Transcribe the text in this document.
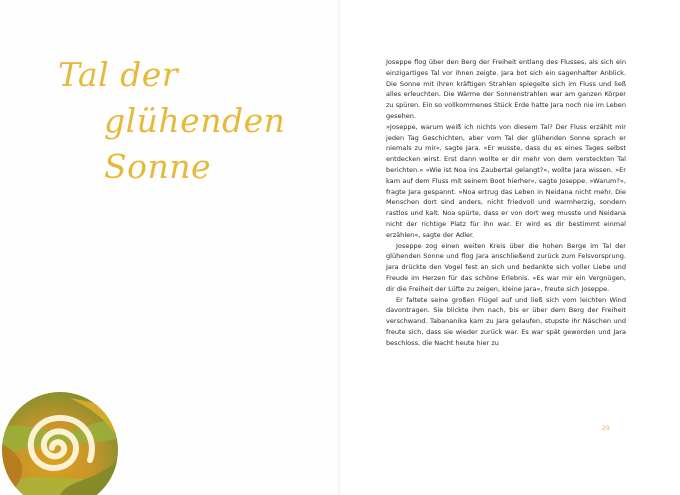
Tal der
glühenden Sonne

Joseppe flog über den Berg der Freiheit entlang des Flusses, als sich ein einzigartiges Tal vor ihnen zeigte. Jara bot sich ein sagenhafter Anblick. Die Sonne mit ihren kräftigen Strahlen spiegelte sich im Fluss und ließ alles erleuchten. Die Wärme der Sonnenstrahlen war am ganzen Körper zu spüren. Ein so vollkommenes Stück Erde hatte Jara noch nie im Leben gesehen.

»Joseppe, warum weiß ich nichts von diesem Tal? Der Fluss erzählt mir jeden Tag Geschichten, aber vom Tal der glühenden Sonne sprach er niemals zu mir«, sagte Jara. »Er wusste, dass du es eines Tages selbst entdecken wirst. Erst dann wollte er dir mehr von dem versteckten Tal berichten.« »Wie ist Noa ins Zaubertal gelangt?«, wollte Jara wissen. »Er kam auf dem Fluss mit seinem Boot hierher«, sagte Joseppe. »Warum?«, fragte Jara gespannt. »Noa ertrug das Leben in Neidana nicht mehr. Die Menschen dort sind anders, nicht friedvoll und warmherzig, sondern rastlos und kalt. Noa spürte, dass er von dort weg musste und Neidana nicht der richtige Platz für ihn war. Er wird es dir bestimmt einmal erzählen«, sagte der Adler.

Joseppe zog einen weiten Kreis über die hohen Berge im Tal der glühenden Sonne und flog Jara anschließend zurück zum Felsvorsprung. Jara drückte den Vogel fest an sich und bedankte sich voller Liebe und Freude im Herzen für das schöne Erlebnis. »Es war mir ein Vergnügen, dir die Freiheit der Lüfte zu zeigen, kleine Jara«, freute sich Joseppe.

Er faltete seine großen Flügel auf und ließ sich vom leichten Wind davontragen. Sie blickte ihm nach, bis er über dem Berg der Freiheit verschwand. Tabananika kam zu Jara gelaufen, stupste ihr Näschen und freute sich, dass sie wieder zurück war. Es war spät geworden und Jara beschloss, die Nacht heute hier zu

29
